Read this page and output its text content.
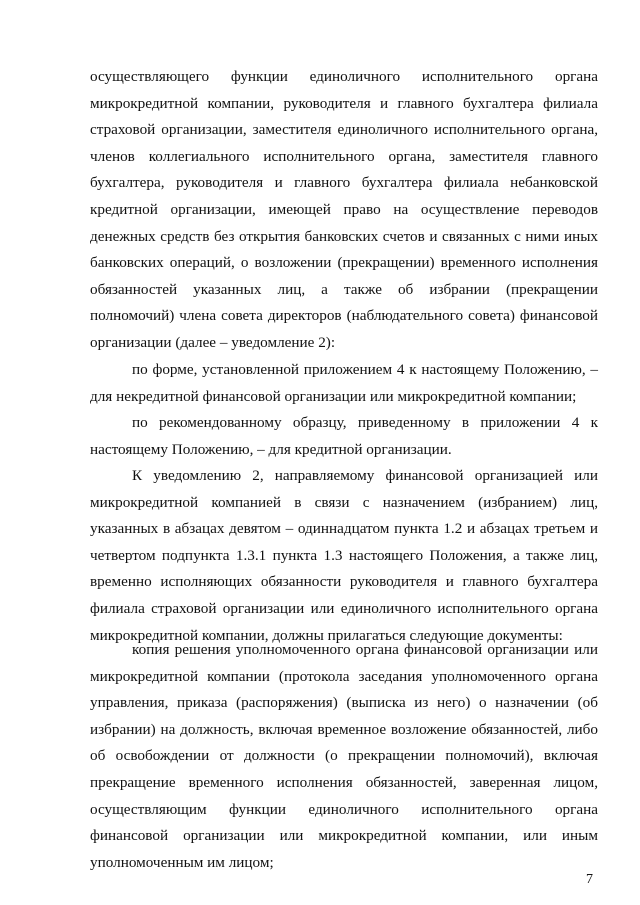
осуществляющего функции единоличного исполнительного органа микрокредитной компании, руководителя и главного бухгалтера филиала страховой организации, заместителя единоличного исполнительного органа, членов коллегиального исполнительного органа, заместителя главного бухгалтера, руководителя и главного бухгалтера филиала небанковской кредитной организации, имеющей право на осуществление переводов денежных средств без открытия банковских счетов и связанных с ними иных банковских операций, о возложении (прекращении) временного исполнения обязанностей указанных лиц, а также об избрании (прекращении полномочий) члена совета директоров (наблюдательного совета) финансовой организации (далее – уведомление 2):

по форме, установленной приложением 4 к настоящему Положению, – для некредитной финансовой организации или микрокредитной компании;

по рекомендованному образцу, приведенному в приложении 4 к настоящему Положению, – для кредитной организации.

К уведомлению 2, направляемому финансовой организацией или микрокредитной компанией в связи с назначением (избранием) лиц, указанных в абзацах девятом – одиннадцатом пункта 1.2 и абзацах третьем и четвертом подпункта 1.3.1 пункта 1.3 настоящего Положения, а также лиц, временно исполняющих обязанности руководителя и главного бухгалтера филиала страховой организации или единоличного исполнительного органа микрокредитной компании, должны прилагаться следующие документы:

копия решения уполномоченного органа финансовой организации или микрокредитной компании (протокола заседания уполномоченного органа управления, приказа (распоряжения) (выписка из него) о назначении (об избрании) на должность, включая временное возложение обязанностей, либо об освобождении от должности (о прекращении полномочий), включая прекращение временного исполнения обязанностей, заверенная лицом, осуществляющим функции единоличного исполнительного органа финансовой организации или микрокредитной компании, или иным уполномоченным им лицом;

7
